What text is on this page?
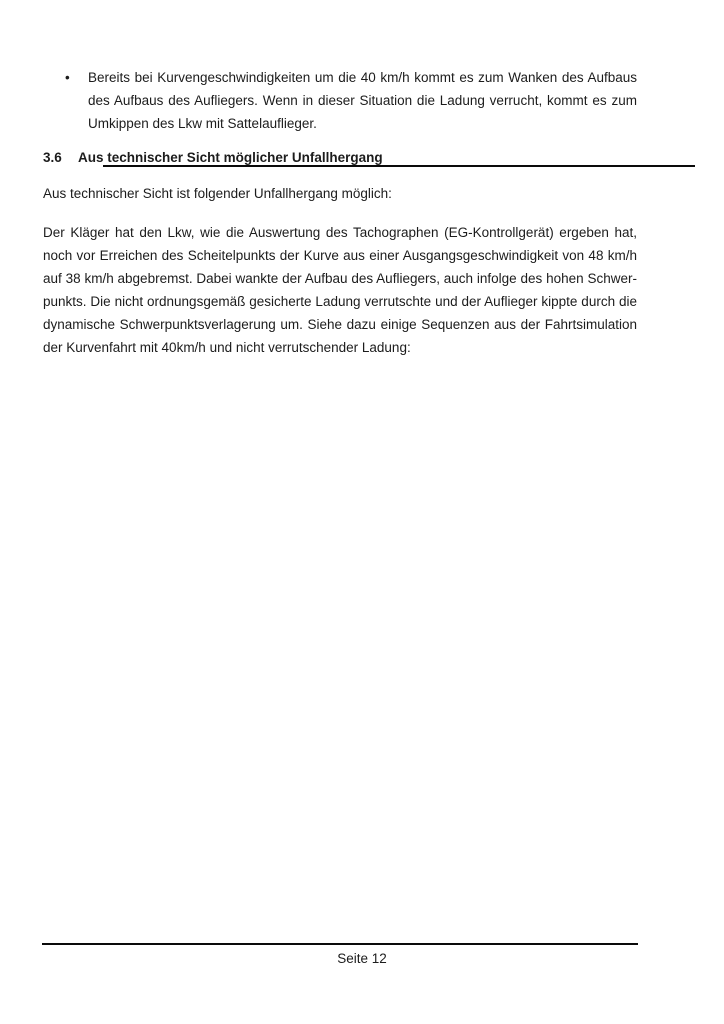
•	Bereits bei Kurvengeschwindigkeiten um die 40 km/h kommt es zum Wanken des Aufbaus
des Aufbaus des Aufliegers. Wenn in dieser Situation die Ladung verrucht, kommt es zum
Umkippen des Lkw mit Sattelauflieger.
3.6 Aus technischer Sicht möglicher Unfallhergang
Aus technischer Sicht ist folgender Unfallhergang möglich:
Der Kläger hat den Lkw, wie die Auswertung des Tachographen (EG-Kontrollgerät) ergeben hat,
noch vor Erreichen des Scheitelpunkts der Kurve aus einer Ausgangsgeschwindigkeit von 48 km/h
auf 38 km/h abgebremst. Dabei wankte der Aufbau des Aufliegers, auch infolge des hohen Schwer-
punkts. Die nicht ordnungsgemäß gesicherte Ladung verrutschte und der Auflieger kippte durch die
dynamische Schwerpunktsverlagerung um. Siehe dazu einige Sequenzen aus der Fahrtsimulation
der Kurvenfahrt mit 40km/h und nicht verrutschender Ladung:
Seite 12
